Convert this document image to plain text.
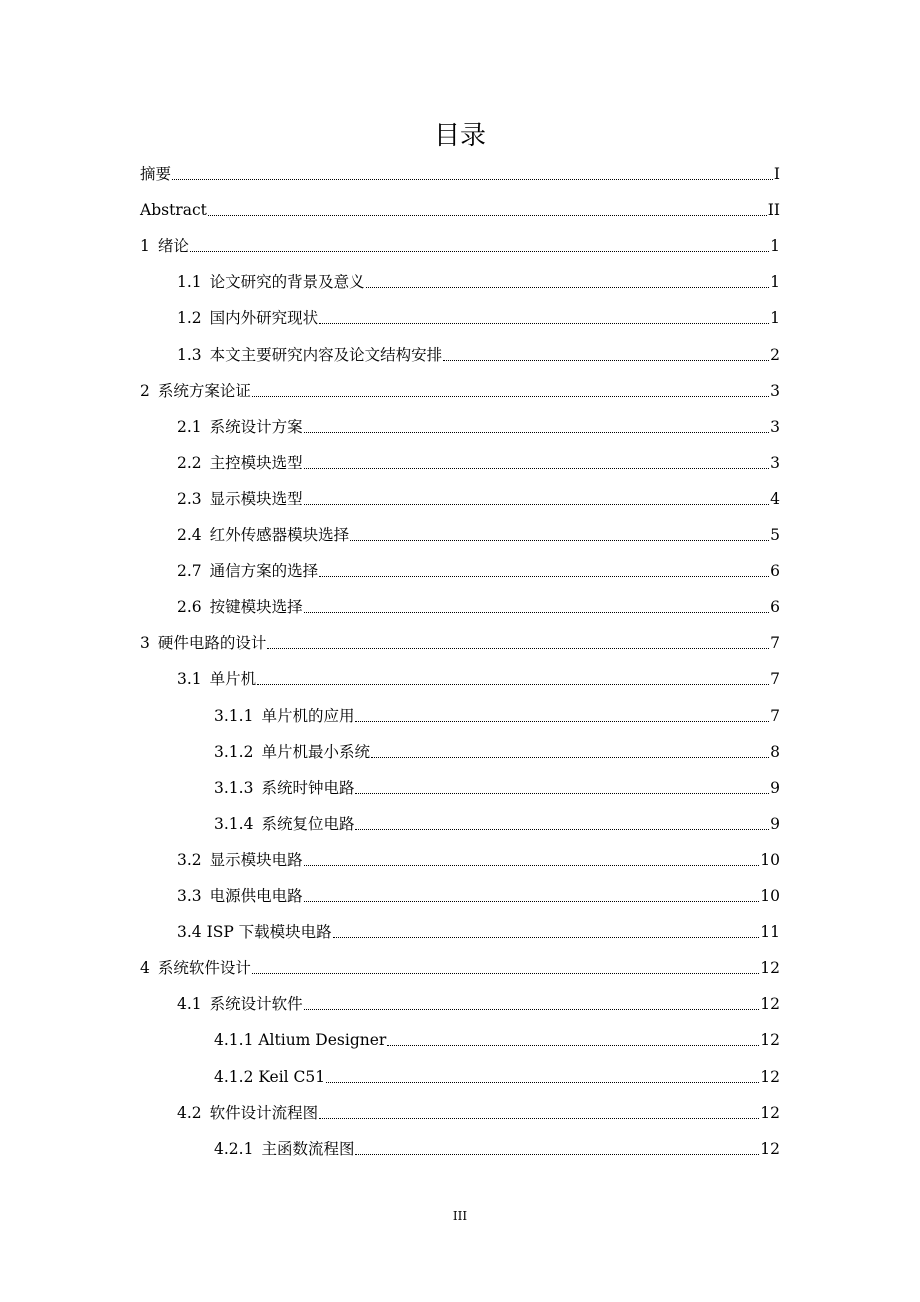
目录
摘要	I
Abstract	II
1 绪论	1
1.1 论文研究的背景及意义	1
1.2 国内外研究现状	1
1.3 本文主要研究内容及论文结构安排	2
2 系统方案论证	3
2.1 系统设计方案	3
2.2 主控模块选型	3
2.3 显示模块选型	4
2.4 红外传感器模块选择	5
2.7 通信方案的选择	6
2.6 按键模块选择	6
3 硬件电路的设计	7
3.1 单片机	7
3.1.1 单片机的应用	7
3.1.2 单片机最小系统	8
3.1.3 系统时钟电路	9
3.1.4 系统复位电路	9
3.2 显示模块电路	10
3.3 电源供电电路	10
3.4 ISP 下载模块电路	11
4 系统软件设计	12
4.1 系统设计软件	12
4.1.1 Altium Designer	12
4.1.2 Keil C51	12
4.2 软件设计流程图	12
4.2.1 主函数流程图	12
III
